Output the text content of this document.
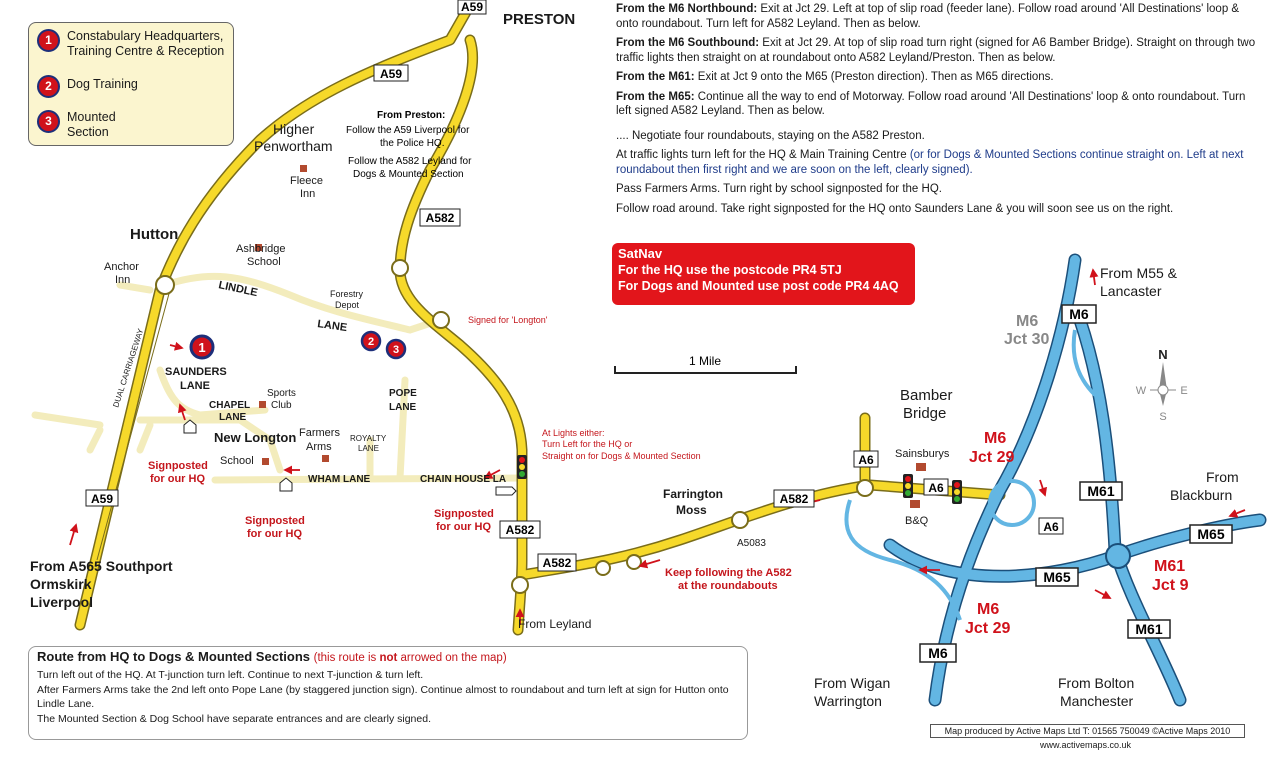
1	2
3
A59
A59
A59
A582
A582
A582
A582
A6
A6
A6
M6
M6
M61
M61
M65
M65
1 Mile	N
S
E
W
PRESTON
Higher
Penwortham
Fleece
Inn
Hutton
Anchor
Inn
Ashbridge
School
LINDLE
LANE
Forestry
Depot
SAUNDERS
LANE
CHAPEL
LANE
Sports
Club
New Longton Farmers
Arms
ROYALTY
LANE
School
WHAM LANE	CHAIN HOUSE LA
POPE
LANE
DUAL CARRIAGEWAY
Farrington
Moss
Bamber
Bridge
Sainsburys
B&Q
A5083
From Leyland
From A565 Southport
Ormskirk
Liverpool
From M55 &
Lancaster
From
Blackburn
From Wigan
Warrington
From Bolton
Manchester
M6
Jct 30
M6
Jct 29
M6
Jct 29
M61
Jct 9
From Preston:
Follow the A59 Liverpool for
the Police HQ.
Follow the A582 Leyland for
Dogs & Mounted Section
Signed for 'Longton'
At Lights either:
Turn Left for the HQ or
Straight on for Dogs & Mounted Section
Signposted
for our HQ
Signposted
for our HQ
Signposted
for our HQ
Keep following the A582
at the roundabouts
1	Constabulary Headquarters,
Training Centre & Reception
2	Dog Training
3	Mounted
Section

From the M6 Northbound: Exit at Jct 29. Left at top of slip road (feeder lane). Follow road around 'All Destinations' loop & onto roundabout. Turn left for A582 Leyland. Then as below.

From the M6 Southbound: Exit at Jct 29. At top of slip road turn right (signed for A6 Bamber Bridge). Straight on through two traffic lights then straight on at roundabout onto A582 Leyland/Preston. Then as below.

From the M61: Exit at Jct 9 onto the M65 (Preston direction). Then as M65 directions.

From the M65: Continue all the way to end of Motorway. Follow road around 'All Destinations' loop & onto roundabout. Turn left signed A582 Leyland. Then as below.

.... Negotiate four roundabouts, staying on the A582 Preston.

At traffic lights turn left for the HQ & Main Training Centre (or for Dogs & Mounted Sections continue straight on. Left at next roundabout then first right and we are soon on the left, clearly signed).

Pass Farmers Arms. Turn right by school signposted for the HQ.

Follow road around. Take right signposted for the HQ onto Saunders Lane & you will soon see us on the right.

SatNav
For the HQ use the postcode PR4 5TJ
For Dogs and Mounted use post code PR4 4AQ
Route from HQ to Dogs & Mounted Sections (this route is not arrowed on the map)

Turn left out of the HQ. At T-junction turn left. Continue to next T-junction & turn left.

After Farmers Arms take the 2nd left onto Pope Lane (by staggered junction sign). Continue almost to roundabout and turn left at sign for Hutton onto Lindle Lane.

The Mounted Section & Dog School have separate entrances and are clearly signed.

Map produced by Active Maps Ltd T: 01565 750049 ©Active Maps 2010
www.activemaps.co.uk
